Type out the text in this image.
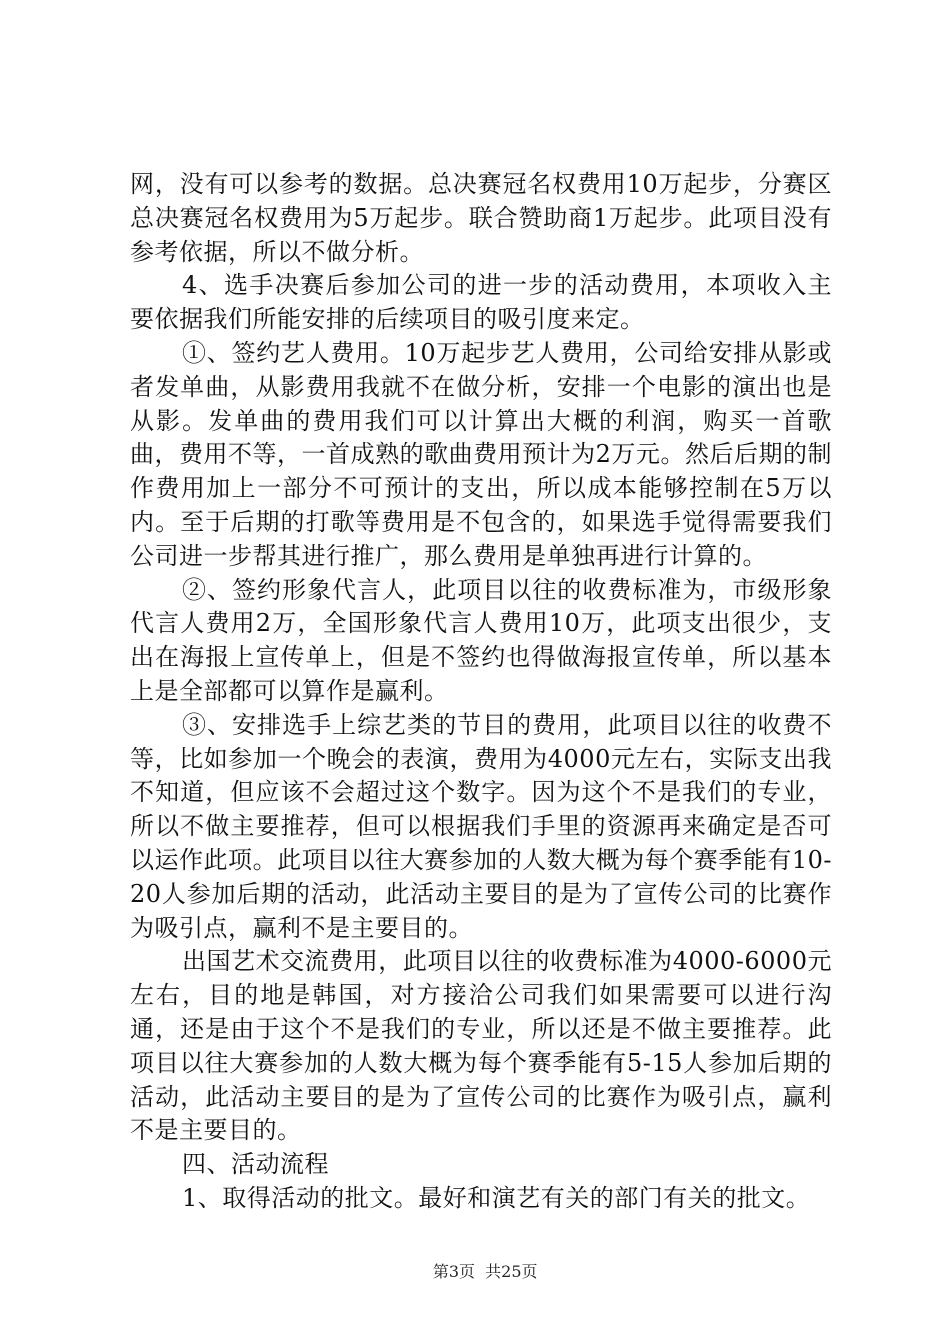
网，没有可以参考的数据。总决赛冠名权费用10万起步，分赛区总决赛冠名权费用为5万起步。联合赞助商1万起步。此项目没有参考依据，所以不做分析。

4、选手决赛后参加公司的进一步的活动费用，本项收入主要依据我们所能安排的后续项目的吸引度来定。

①、签约艺人费用。10万起步艺人费用，公司给安排从影或者发单曲，从影费用我就不在做分析，安排一个电影的演出也是从影。发单曲的费用我们可以计算出大概的利润，购买一首歌曲，费用不等，一首成熟的歌曲费用预计为2万元。然后后期的制作费用加上一部分不可预计的支出，所以成本能够控制在5万以内。至于后期的打歌等费用是不包含的，如果选手觉得需要我们公司进一步帮其进行推广，那么费用是单独再进行计算的。

②、签约形象代言人，此项目以往的收费标准为，市级形象代言人费用2万，全国形象代言人费用10万，此项支出很少，支出在海报上宣传单上，但是不签约也得做海报宣传单，所以基本上是全部都可以算作是赢利。

③、安排选手上综艺类的节目的费用，此项目以往的收费不等，比如参加一个晚会的表演，费用为4000元左右，实际支出我不知道，但应该不会超过这个数字。因为这个不是我们的专业，所以不做主要推荐，但可以根据我们手里的资源再来确定是否可以运作此项。此项目以往大赛参加的人数大概为每个赛季能有10-20人参加后期的活动，此活动主要目的是为了宣传公司的比赛作为吸引点，赢利不是主要目的。

出国艺术交流费用，此项目以往的收费标准为4000-6000元左右，目的地是韩国，对方接洽公司我们如果需要可以进行沟通，还是由于这个不是我们的专业，所以还是不做主要推荐。此项目以往大赛参加的人数大概为每个赛季能有5-15人参加后期的活动，此活动主要目的是为了宣传公司的比赛作为吸引点，赢利不是主要目的。

四、活动流程

1、取得活动的批文。最好和演艺有关的部门有关的批文。

第3页  共25页
